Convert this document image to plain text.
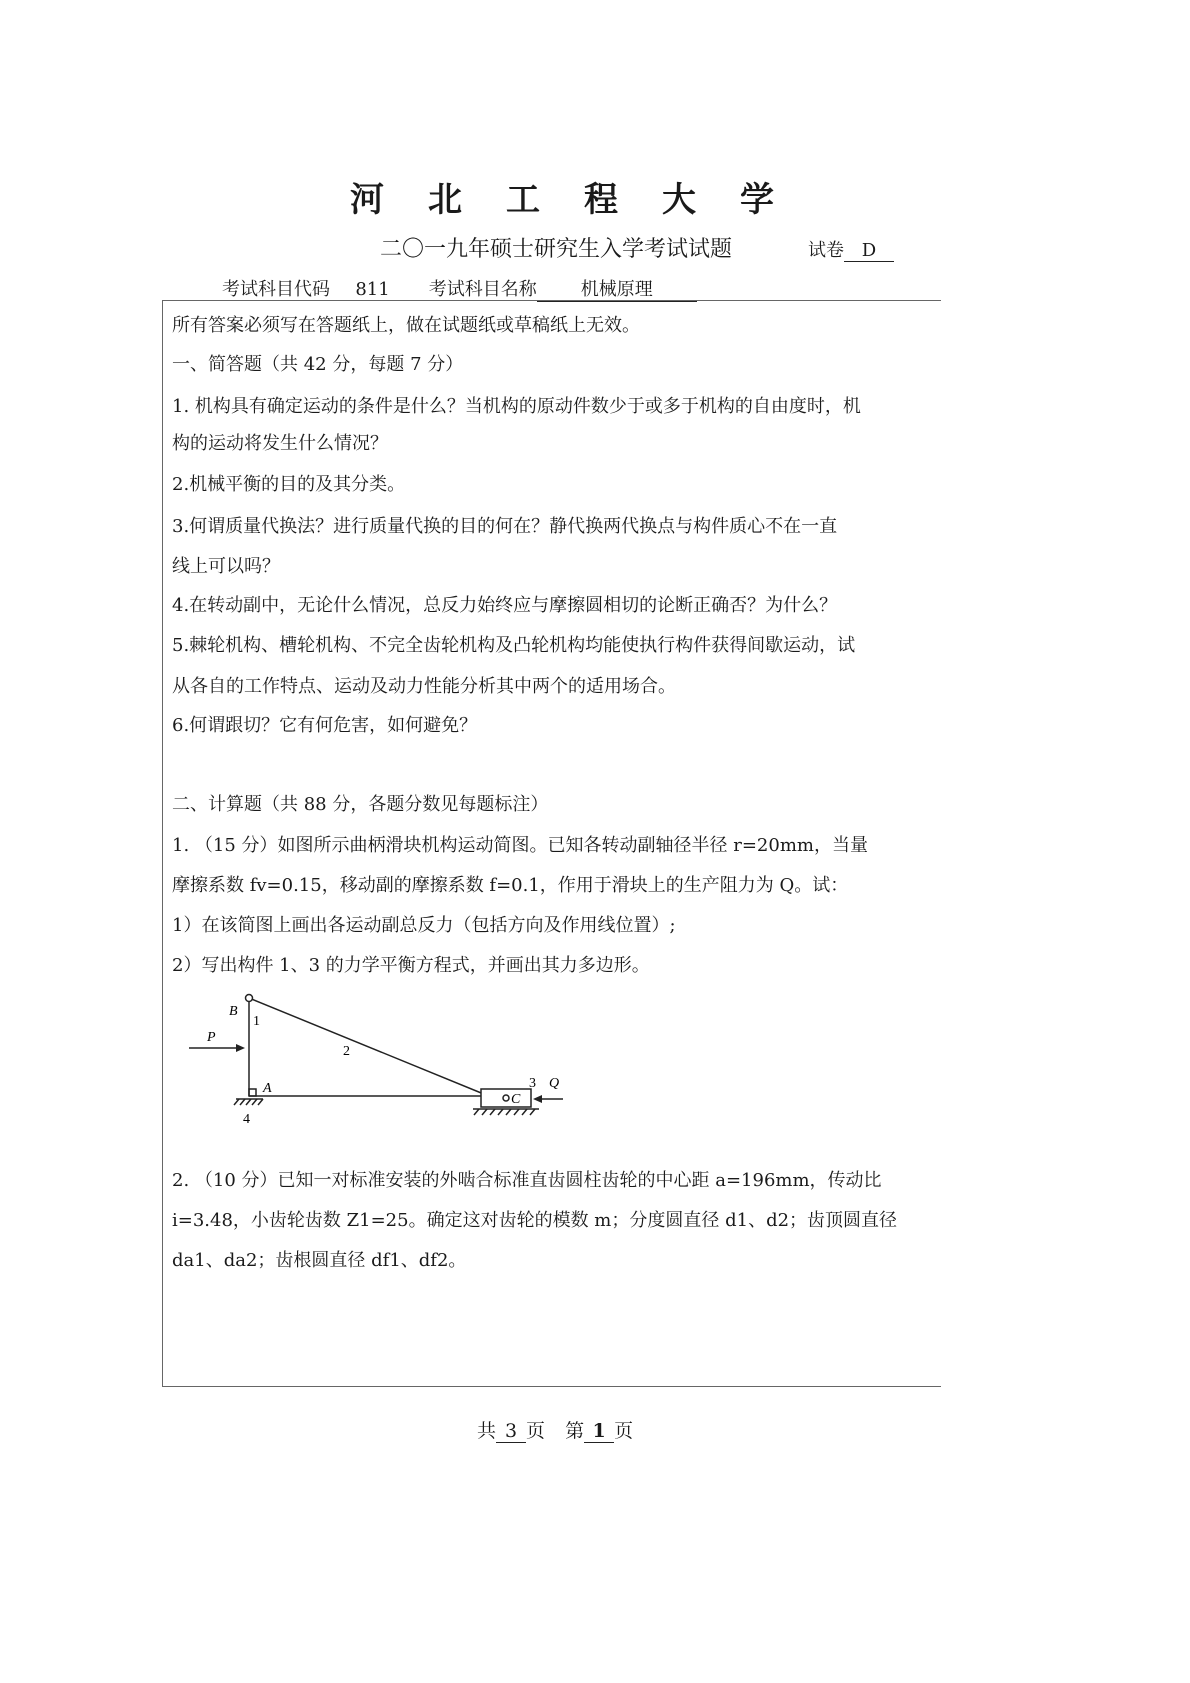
河北工程大学
二〇一九年硕士研究生入学考试试题	试卷 D
考试科目代码 811 考试科目名称 机械原理
所有答案必须写在答题纸上，做在试题纸或草稿纸上无效。
一、简答题（共 42 分，每题 7 分）
1. 机构具有确定运动的条件是什么？当机构的原动件数少于或多于机构的自由度时，机
构的运动将发生什么情况？
2.机械平衡的目的及其分类。
3.何谓质量代换法？进行质量代换的目的何在？静代换两代换点与构件质心不在一直
线上可以吗？
4.在转动副中，无论什么情况，总反力始终应与摩擦圆相切的论断正确否？为什么？
5.棘轮机构、槽轮机构、不完全齿轮机构及凸轮机构均能使执行构件获得间歇运动，试
从各自的工作特点、运动及动力性能分析其中两个的适用场合。
6.何谓跟切？它有何危害，如何避免？
二、计算题（共 88 分，各题分数见每题标注）
1. （15 分）如图所示曲柄滑块机构运动简图。已知各转动副轴径半径 r=20mm，当量
摩擦系数 fv=0.15，移动副的摩擦系数 f=0.1，作用于滑块上的生产阻力为 Q。试：
1）在该简图上画出各运动副总反力（包括方向及作用线位置）;
2）写出构件 1、3 的力学平衡方程式，并画出其力多边形。
B
1
P
2
A
4
C
3 Q
2. （10 分）已知一对标准安装的外啮合标准直齿圆柱齿轮的中心距 a=196mm，传动比
i=3.48，小齿轮齿数 Z1=25。确定这对齿轮的模数 m；分度圆直径 d1、d2；齿顶圆直径
da1、da2；齿根圆直径 df1、df2。
共 3 页 第 1 页
